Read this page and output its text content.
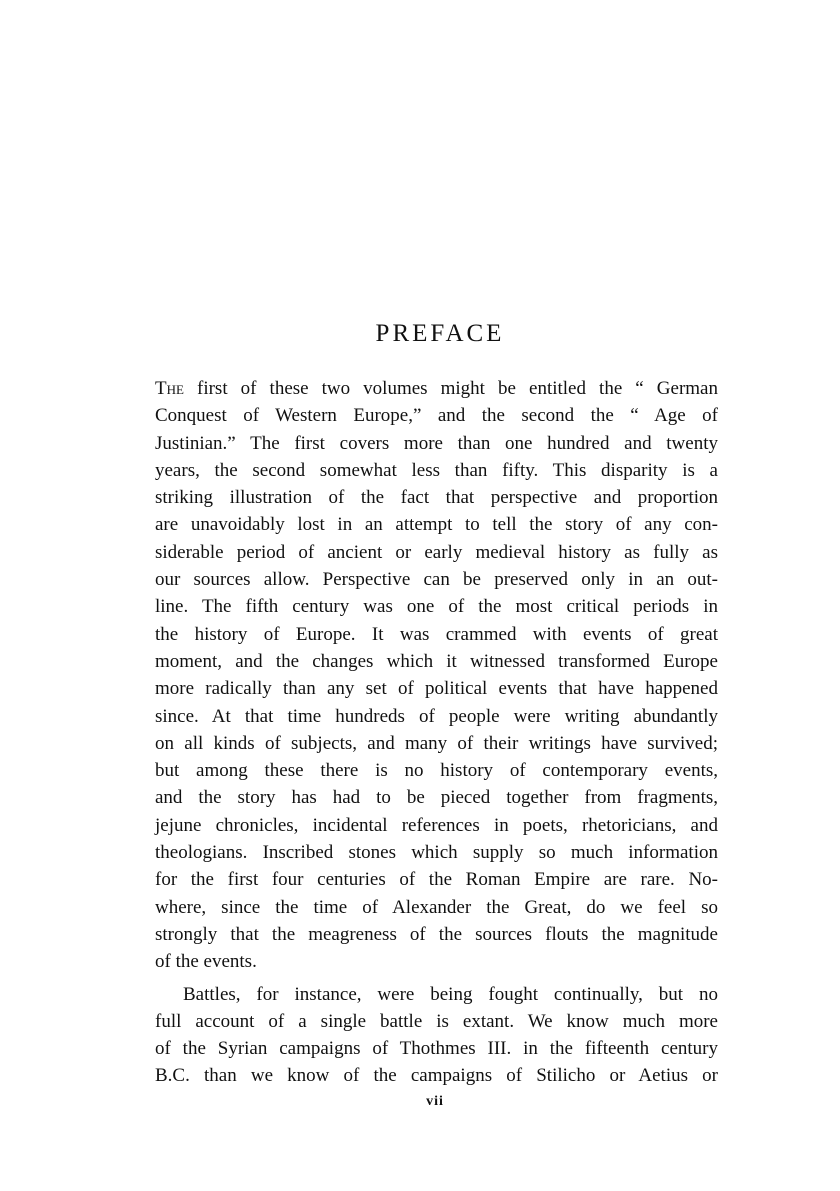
PREFACE
The first of these two volumes might be entitled the “ German
Conquest of Western Europe,” and the second the “ Age of
Justinian.” The first covers more than one hundred and twenty
years, the second somewhat less than fifty. This disparity is a
striking illustration of the fact that perspective and proportion
are unavoidably lost in an attempt to tell the story of any con-
siderable period of ancient or early medieval history as fully as
our sources allow. Perspective can be preserved only in an out-
line. The fifth century was one of the most critical periods in
the history of Europe. It was crammed with events of great
moment, and the changes which it witnessed transformed Europe
more radically than any set of political events that have happened
since. At that time hundreds of people were writing abundantly
on all kinds of subjects, and many of their writings have survived;
but among these there is no history of contemporary events,
and the story has had to be pieced together from fragments,
jejune chronicles, incidental references in poets, rhetoricians, and
theologians. Inscribed stones which supply so much information
for the first four centuries of the Roman Empire are rare. No-
where, since the time of Alexander the Great, do we feel so
strongly that the meagreness of the sources flouts the magnitude
of the events.
Battles, for instance, were being fought continually, but no
full account of a single battle is extant. We know much more
of the Syrian campaigns of Thothmes III. in the fifteenth century
B.C. than we know of the campaigns of Stilicho or Aetius or
vii
